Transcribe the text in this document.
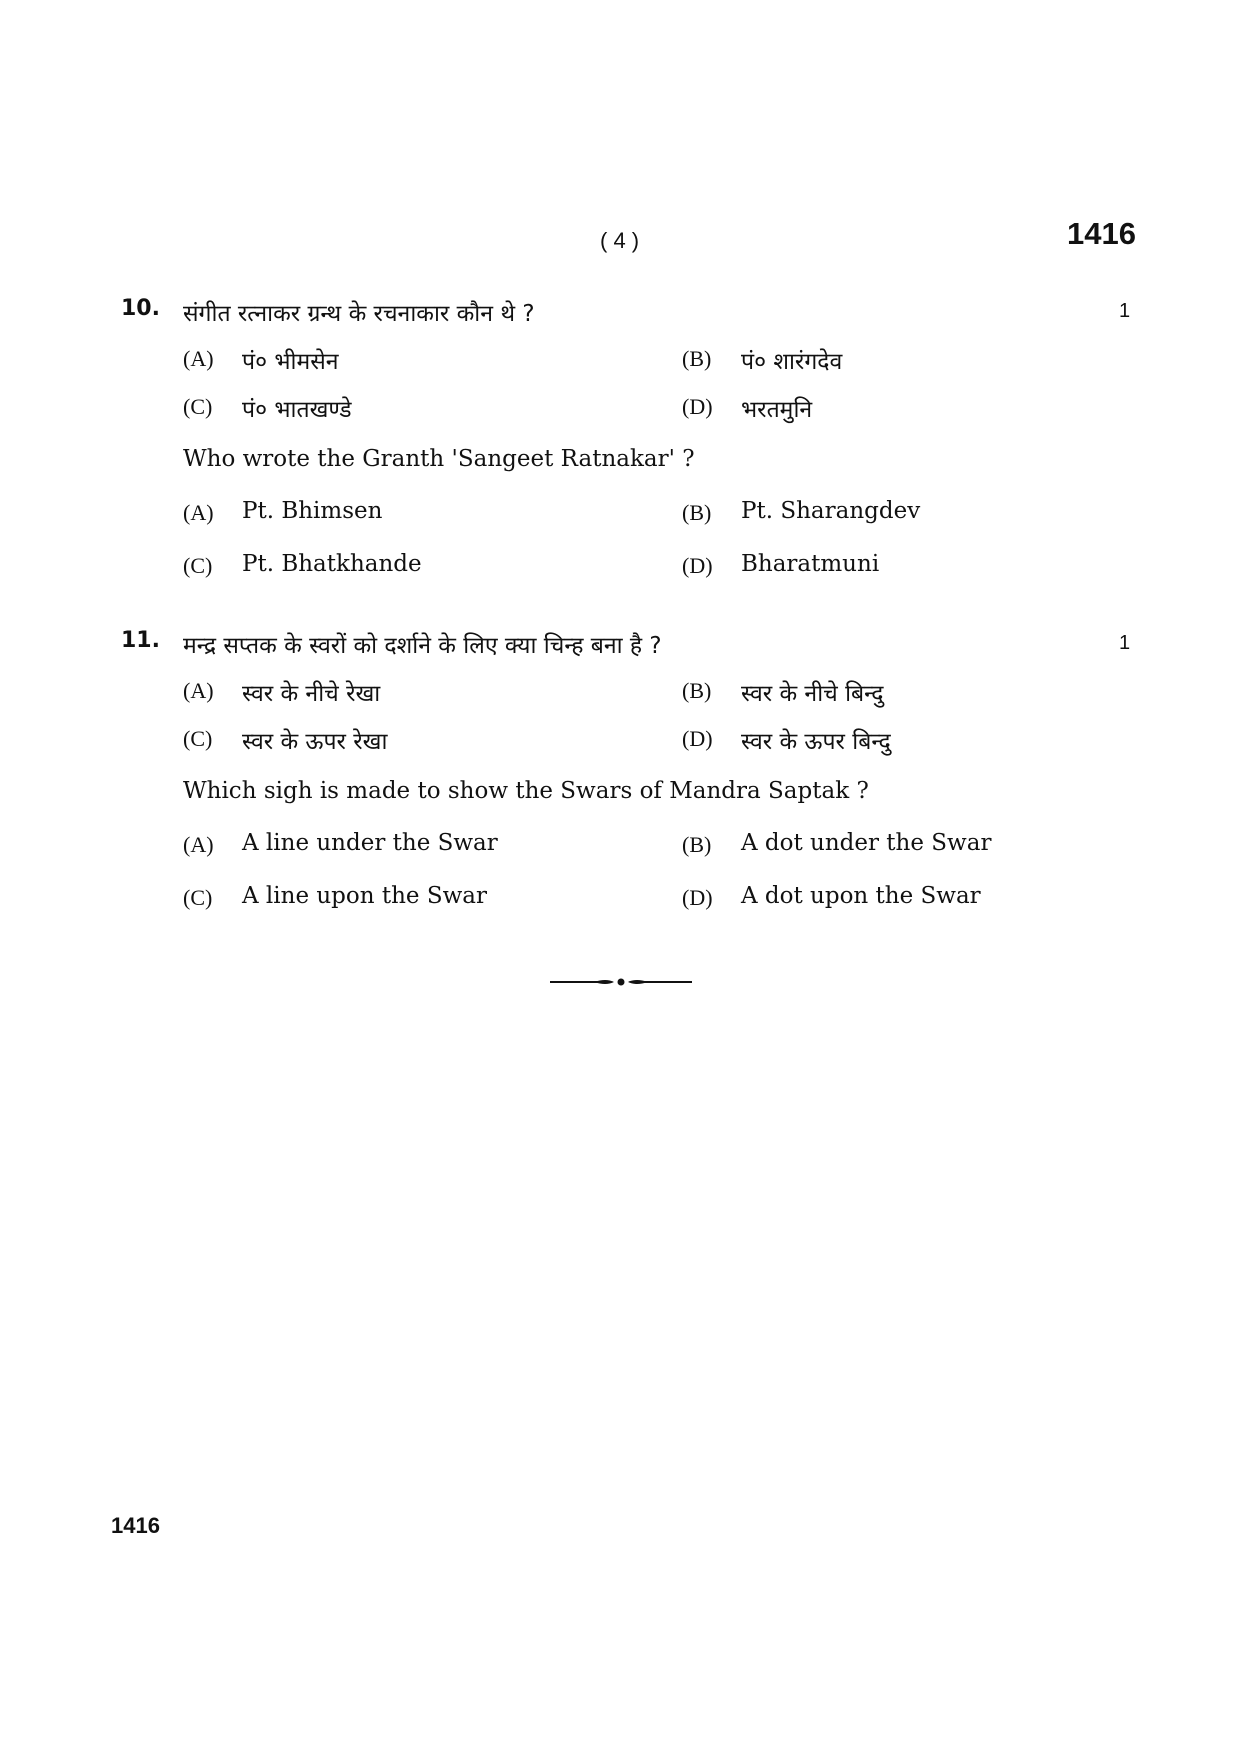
( 4 )	1416
10. संगीत रत्नाकर ग्रन्थ के रचनाकार कौन थे ?	1
(A) पं० भीमसेन	(B) पं० शारंगदेव
(C) पं० भातखण्डे	(D) भरतमुनि
Who wrote the Granth 'Sangeet Ratnakar' ?
(A) Pt. Bhimsen	(B) Pt. Sharangdev
(C) Pt. Bhatkhande	(D) Bharatmuni
11. मन्द्र सप्तक के स्वरों को दर्शाने के लिए क्या चिन्ह बना है ?	1
(A) स्वर के नीचे रेखा	(B) स्वर के नीचे बिन्दु
(C) स्वर के ऊपर रेखा	(D) स्वर के ऊपर बिन्दु
Which sigh is made to show the Swars of Mandra Saptak ?
(A) A line under the Swar	(B) A dot under the Swar
(C) A line upon the Swar	(D) A dot upon the Swar
1416
